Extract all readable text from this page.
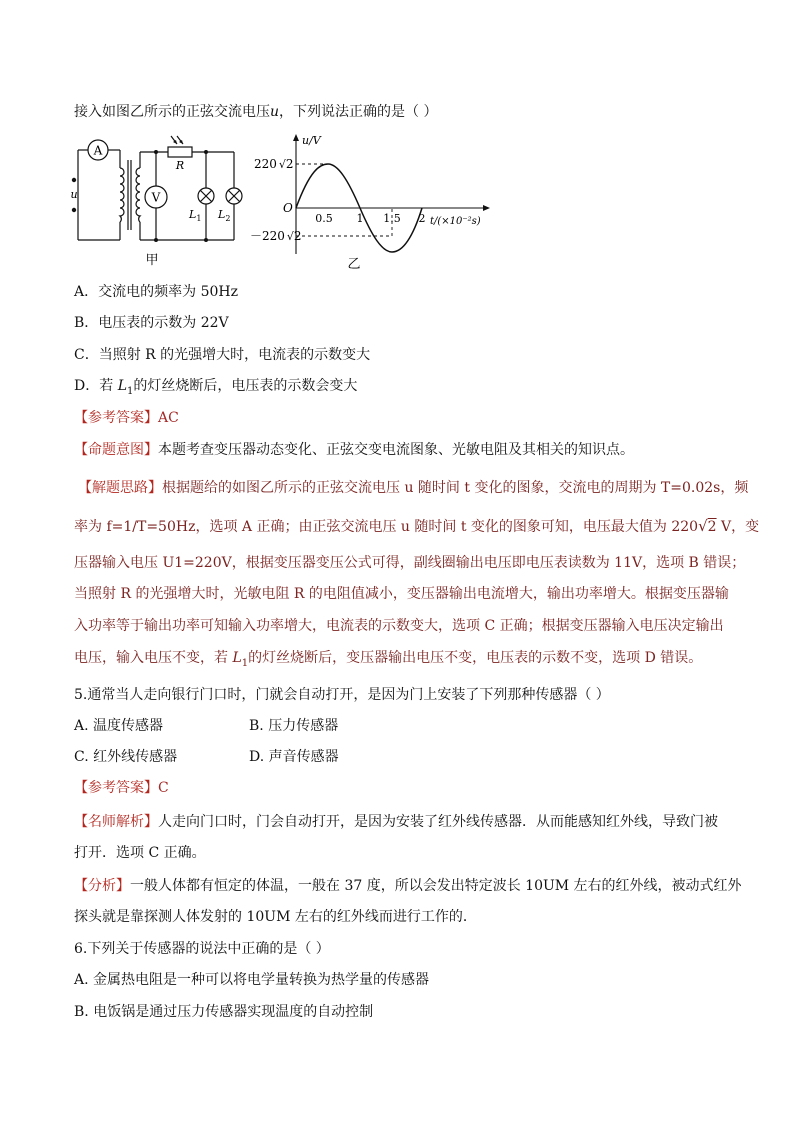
接入如图乙所示的正弦交流电压u，下列说法正确的是（ ）
A
V
R
$L_1$ $L_2$
u
甲
u/V
220 √2
－220 √2
O
0.5 1 1.5 2 t/(×10⁻²s)
乙
A．交流电的频率为 50Hz
B．电压表的示数为 22V
C．当照射 R 的光强增大时，电流表的示数变大
D．若 $L_1$的灯丝烧断后，电压表的示数会变大
【参考答案】AC
【命题意图】本题考查变压器动态变化、正弦交变电流图象、光敏电阻及其相关的知识点。
【解题思路】根据题给的如图乙所示的正弦交流电压 u 随时间 t 变化的图象，交流电的周期为 T=0.02s，频
率为 f=1/T=50Hz，选项 A 正确；由正弦交流电压 u 随时间 t 变化的图象可知，电压最大值为 220√2 V，变
压器输入电压 U1=220V，根据变压器变压公式可得，副线圈输出电压即电压表读数为 11V，选项 B 错误；
当照射 R 的光强增大时，光敏电阻 R 的电阻值减小，变压器输出电流增大，输出功率增大。根据变压器输
入功率等于输出功率可知输入功率增大，电流表的示数变大，选项 C 正确；根据变压器输入电压决定输出
电压，输入电压不变，若 $L_1$的灯丝烧断后，变压器输出电压不变，电压表的示数不变，选项 D 错误。
5.通常当人走向银行门口时，门就会自动打开，是因为门上安装了下列那种传感器（ ）
A. 温度传感器	B. 压力传感器
C. 红外线传感器	D. 声音传感器
【参考答案】C
【名师解析】人走向门口时，门会自动打开，是因为安装了红外线传感器．从而能感知红外线，导致门被
打开．选项 C 正确。
【分析】一般人体都有恒定的体温，一般在 37 度，所以会发出特定波长 10UM 左右的红外线，被动式红外
探头就是靠探测人体发射的 10UM 左右的红外线而进行工作的．
6.下列关于传感器的说法中正确的是（ ）
A. 金属热电阻是一种可以将电学量转换为热学量的传感器
B. 电饭锅是通过压力传感器实现温度的自动控制
